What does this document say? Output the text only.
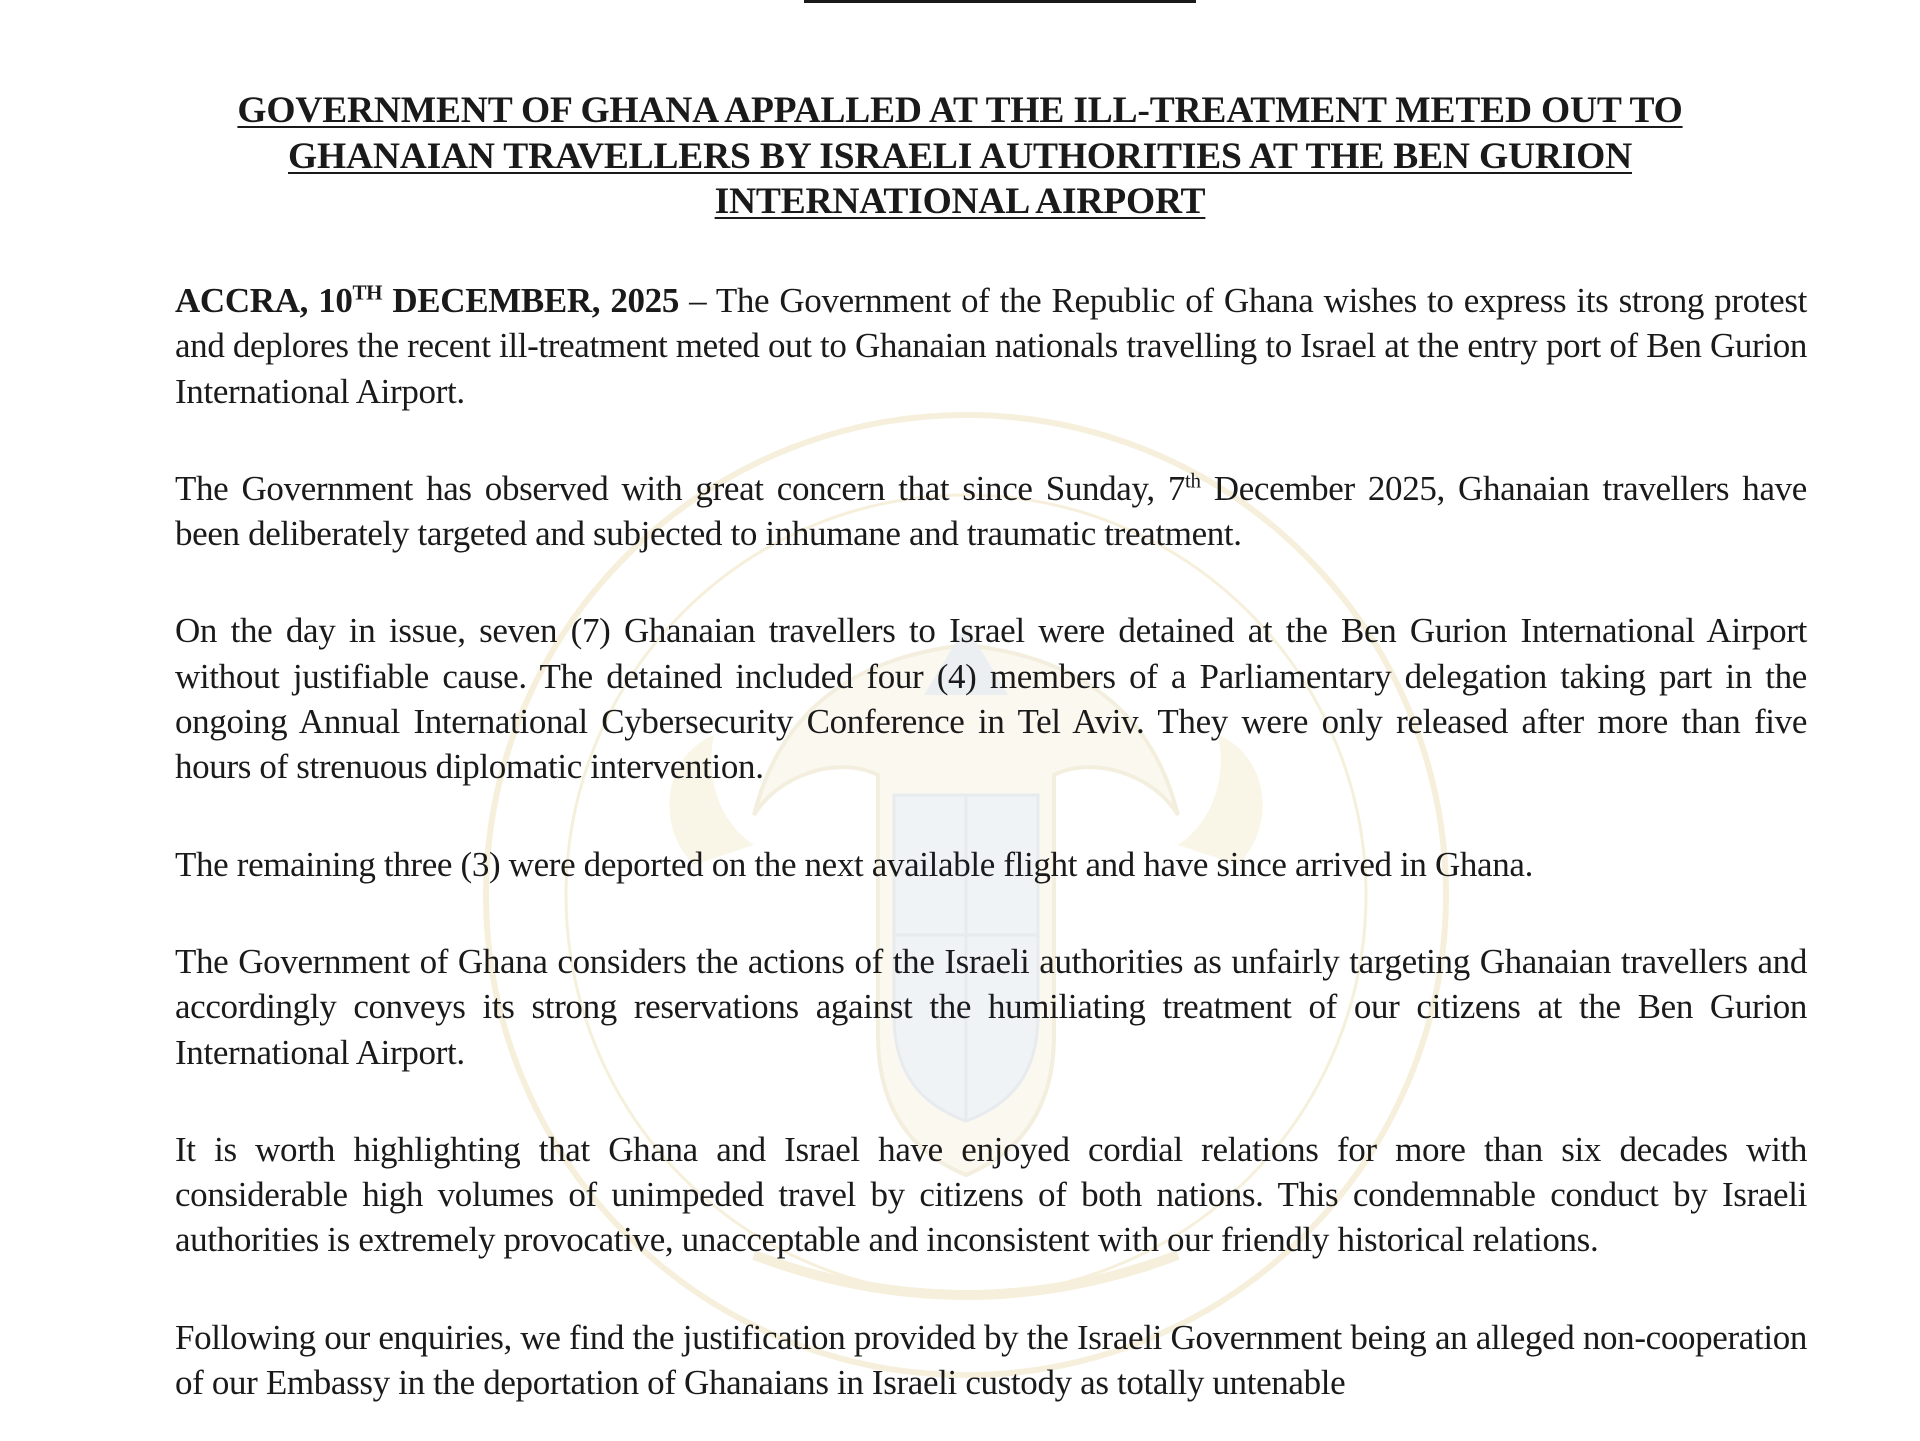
GOVERNMENT OF GHANA APPALLED AT THE ILL-TREATMENT METED OUT TO GHANAIAN TRAVELLERS BY ISRAELI AUTHORITIES AT THE BEN GURION INTERNATIONAL AIRPORT

ACCRA, 10TH DECEMBER, 2025 – The Government of the Republic of Ghana wishes to express its strong protest and deplores the recent ill-treatment meted out to Ghanaian nationals travelling to Israel at the entry port of Ben Gurion International Airport.

The Government has observed with great concern that since Sunday, 7th December 2025, Ghanaian travellers have been deliberately targeted and subjected to inhumane and traumatic treatment.

On the day in issue, seven (7) Ghanaian travellers to Israel were detained at the Ben Gurion International Airport without justifiable cause. The detained included four (4) members of a Parliamentary delegation taking part in the ongoing Annual International Cybersecurity Conference in Tel Aviv. They were only released after more than five hours of strenuous diplomatic intervention.

The remaining three (3) were deported on the next available flight and have since arrived in Ghana.

The Government of Ghana considers the actions of the Israeli authorities as unfairly targeting Ghanaian travellers and accordingly conveys its strong reservations against the humiliating treatment of our citizens at the Ben Gurion International Airport.

It is worth highlighting that Ghana and Israel have enjoyed cordial relations for more than six decades with considerable high volumes of unimpeded travel by citizens of both nations. This condemnable conduct by Israeli authorities is extremely provocative, unacceptable and inconsistent with our friendly historical relations.

Following our enquiries, we find the justification provided by the Israeli Government being an alleged non-cooperation of our Embassy in the deportation of Ghanaians in Israeli custody as totally untenable
